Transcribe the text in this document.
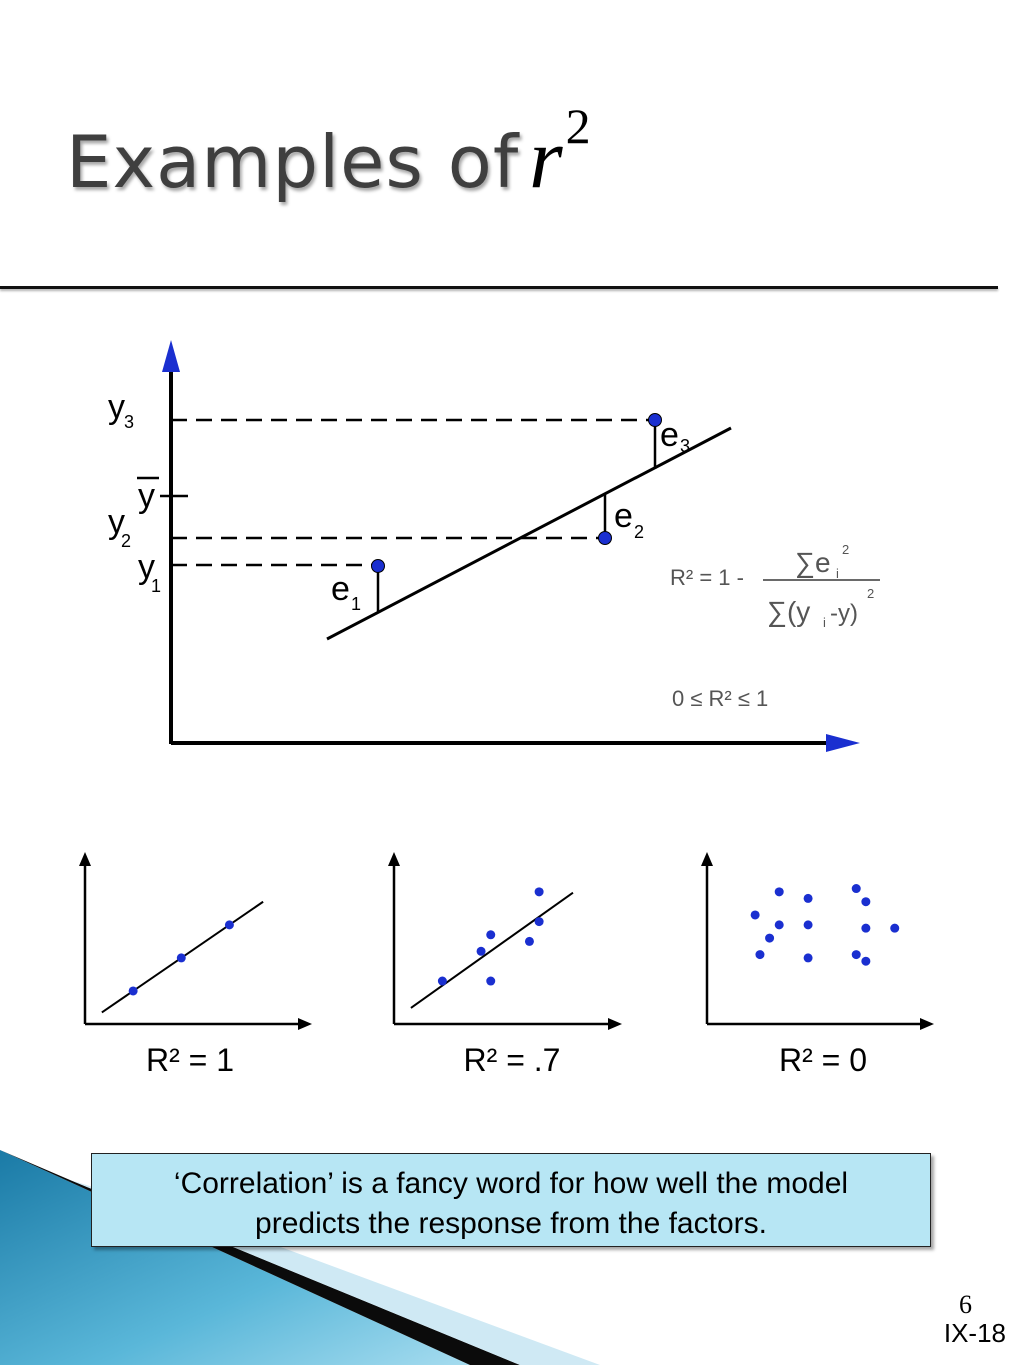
Examples of $r^2$
y 3
y
y
2
y
1	e 1
e 2
e 3
R² = 1 - ∑e i
2
∑(y i -y)
2
0 ≤ R² ≤ 1
R² = 1	R² = .7	R² = 0
‘Correlation’ is a fancy word for how well the model
predicts the response from the factors.
6
IX-18
